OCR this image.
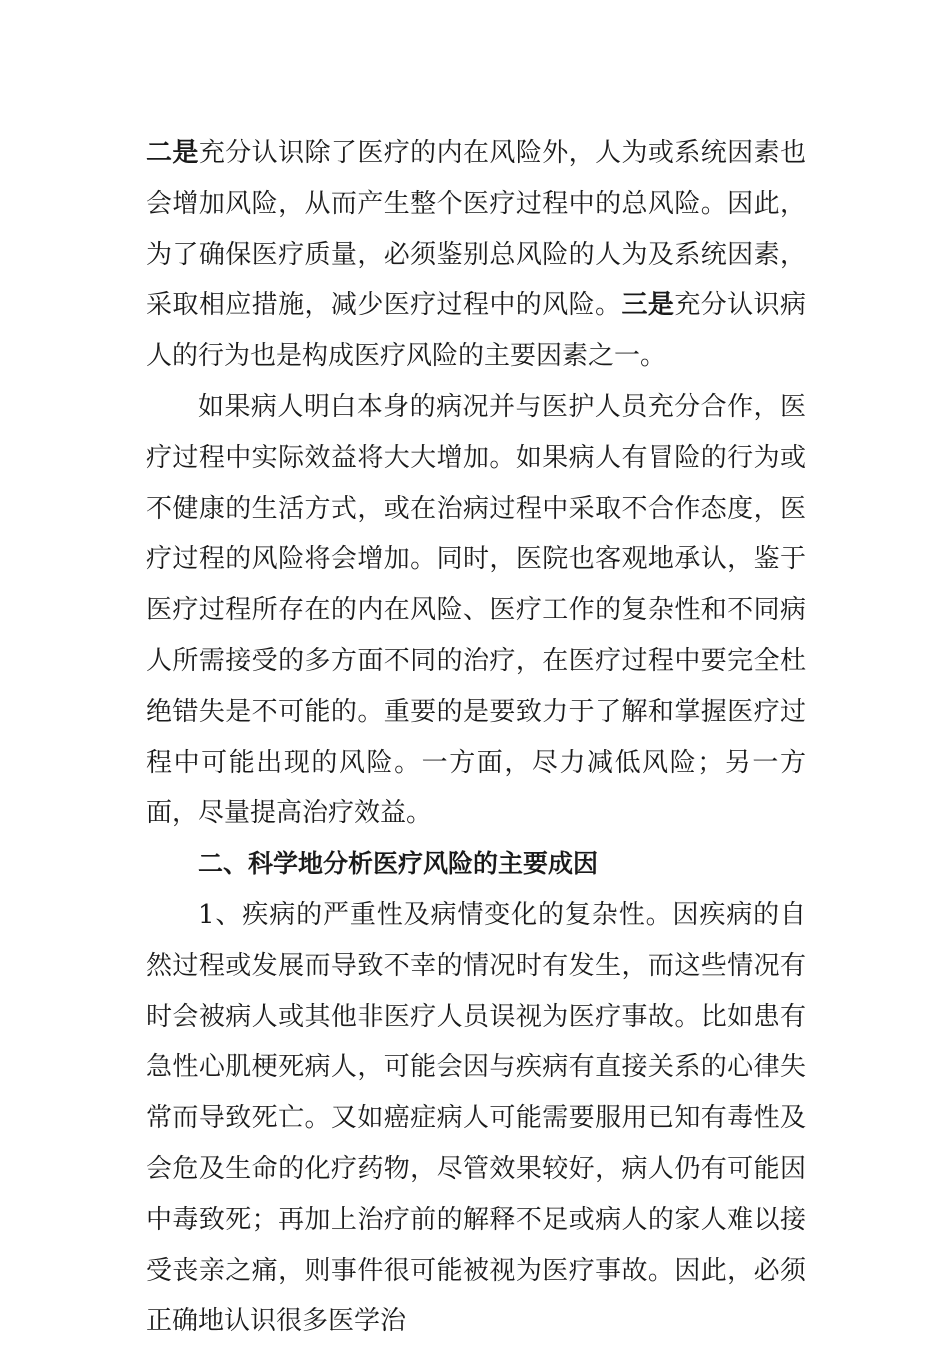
二是充分认识除了医疗的内在风险外，人为或系统因素也会增加风险，从而产生整个医疗过程中的总风险。因此，为了确保医疗质量，必须鉴别总风险的人为及系统因素，采取相应措施，减少医疗过程中的风险。三是充分认识病人的行为也是构成医疗风险的主要因素之一。

如果病人明白本身的病况并与医护人员充分合作，医疗过程中实际效益将大大增加。如果病人有冒险的行为或不健康的生活方式，或在治病过程中采取不合作态度，医疗过程的风险将会增加。同时，医院也客观地承认，鉴于医疗过程所存在的内在风险、医疗工作的复杂性和不同病人所需接受的多方面不同的治疗，在医疗过程中要完全杜绝错失是不可能的。重要的是要致力于了解和掌握医疗过程中可能出现的风险。一方面，尽力减低风险；另一方面，尽量提高治疗效益。

二、科学地分析医疗风险的主要成因

1、疾病的严重性及病情变化的复杂性。因疾病的自然过程或发展而导致不幸的情况时有发生，而这些情况有时会被病人或其他非医疗人员误视为医疗事故。比如患有急性心肌梗死病人，可能会因与疾病有直接关系的心律失常而导致死亡。又如癌症病人可能需要服用已知有毒性及会危及生命的化疗药物，尽管效果较好，病人仍有可能因中毒致死；再加上治疗前的解释不足或病人的家人难以接受丧亲之痛，则事件很可能被视为医疗事故。因此，必须正确地认识很多医学治
